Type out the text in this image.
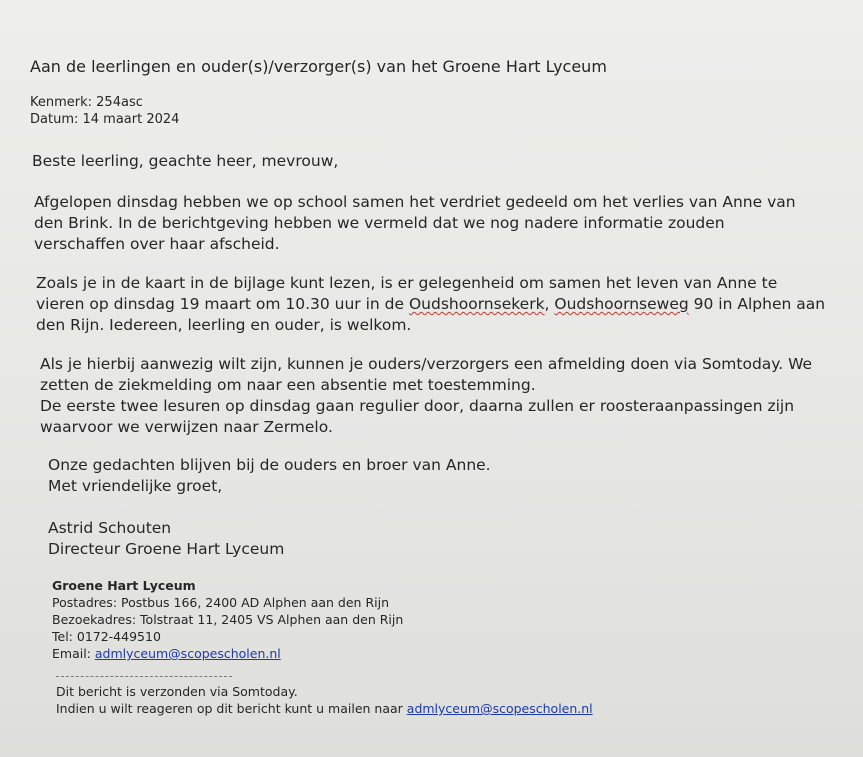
Aan de leerlingen en ouder(s)/verzorger(s) van het Groene Hart Lyceum
Kenmerk: 254asc
Datum: 14 maart 2024
Beste leerling, geachte heer, mevrouw,
Afgelopen dinsdag hebben we op school samen het verdriet gedeeld om het verlies van Anne van
den Brink. In de berichtgeving hebben we vermeld dat we nog nadere informatie zouden
verschaffen over haar afscheid.
Zoals je in de kaart in de bijlage kunt lezen, is er gelegenheid om samen het leven van Anne te
vieren op dinsdag 19 maart om 10.30 uur in de Oudshoornsekerk, Oudshoornseweg 90 in Alphen aan
den Rijn. Iedereen, leerling en ouder, is welkom.
Als je hierbij aanwezig wilt zijn, kunnen je ouders/verzorgers een afmelding doen via Somtoday. We
zetten de ziekmelding om naar een absentie met toestemming.
De eerste twee lesuren op dinsdag gaan regulier door, daarna zullen er roosteraanpassingen zijn
waarvoor we verwijzen naar Zermelo.
Onze gedachten blijven bij de ouders en broer van Anne.
Met vriendelijke groet,
Astrid Schouten
Directeur Groene Hart Lyceum
Groene Hart Lyceum
Postadres: Postbus 166, 2400 AD Alphen aan den Rijn
Bezoekadres: Tolstraat 11, 2405 VS Alphen aan den Rijn
Tel: 0172-449510
Email: admlyceum@scopescholen.nl
Dit bericht is verzonden via Somtoday.
Indien u wilt reageren op dit bericht kunt u mailen naar admlyceum@scopescholen.nl
